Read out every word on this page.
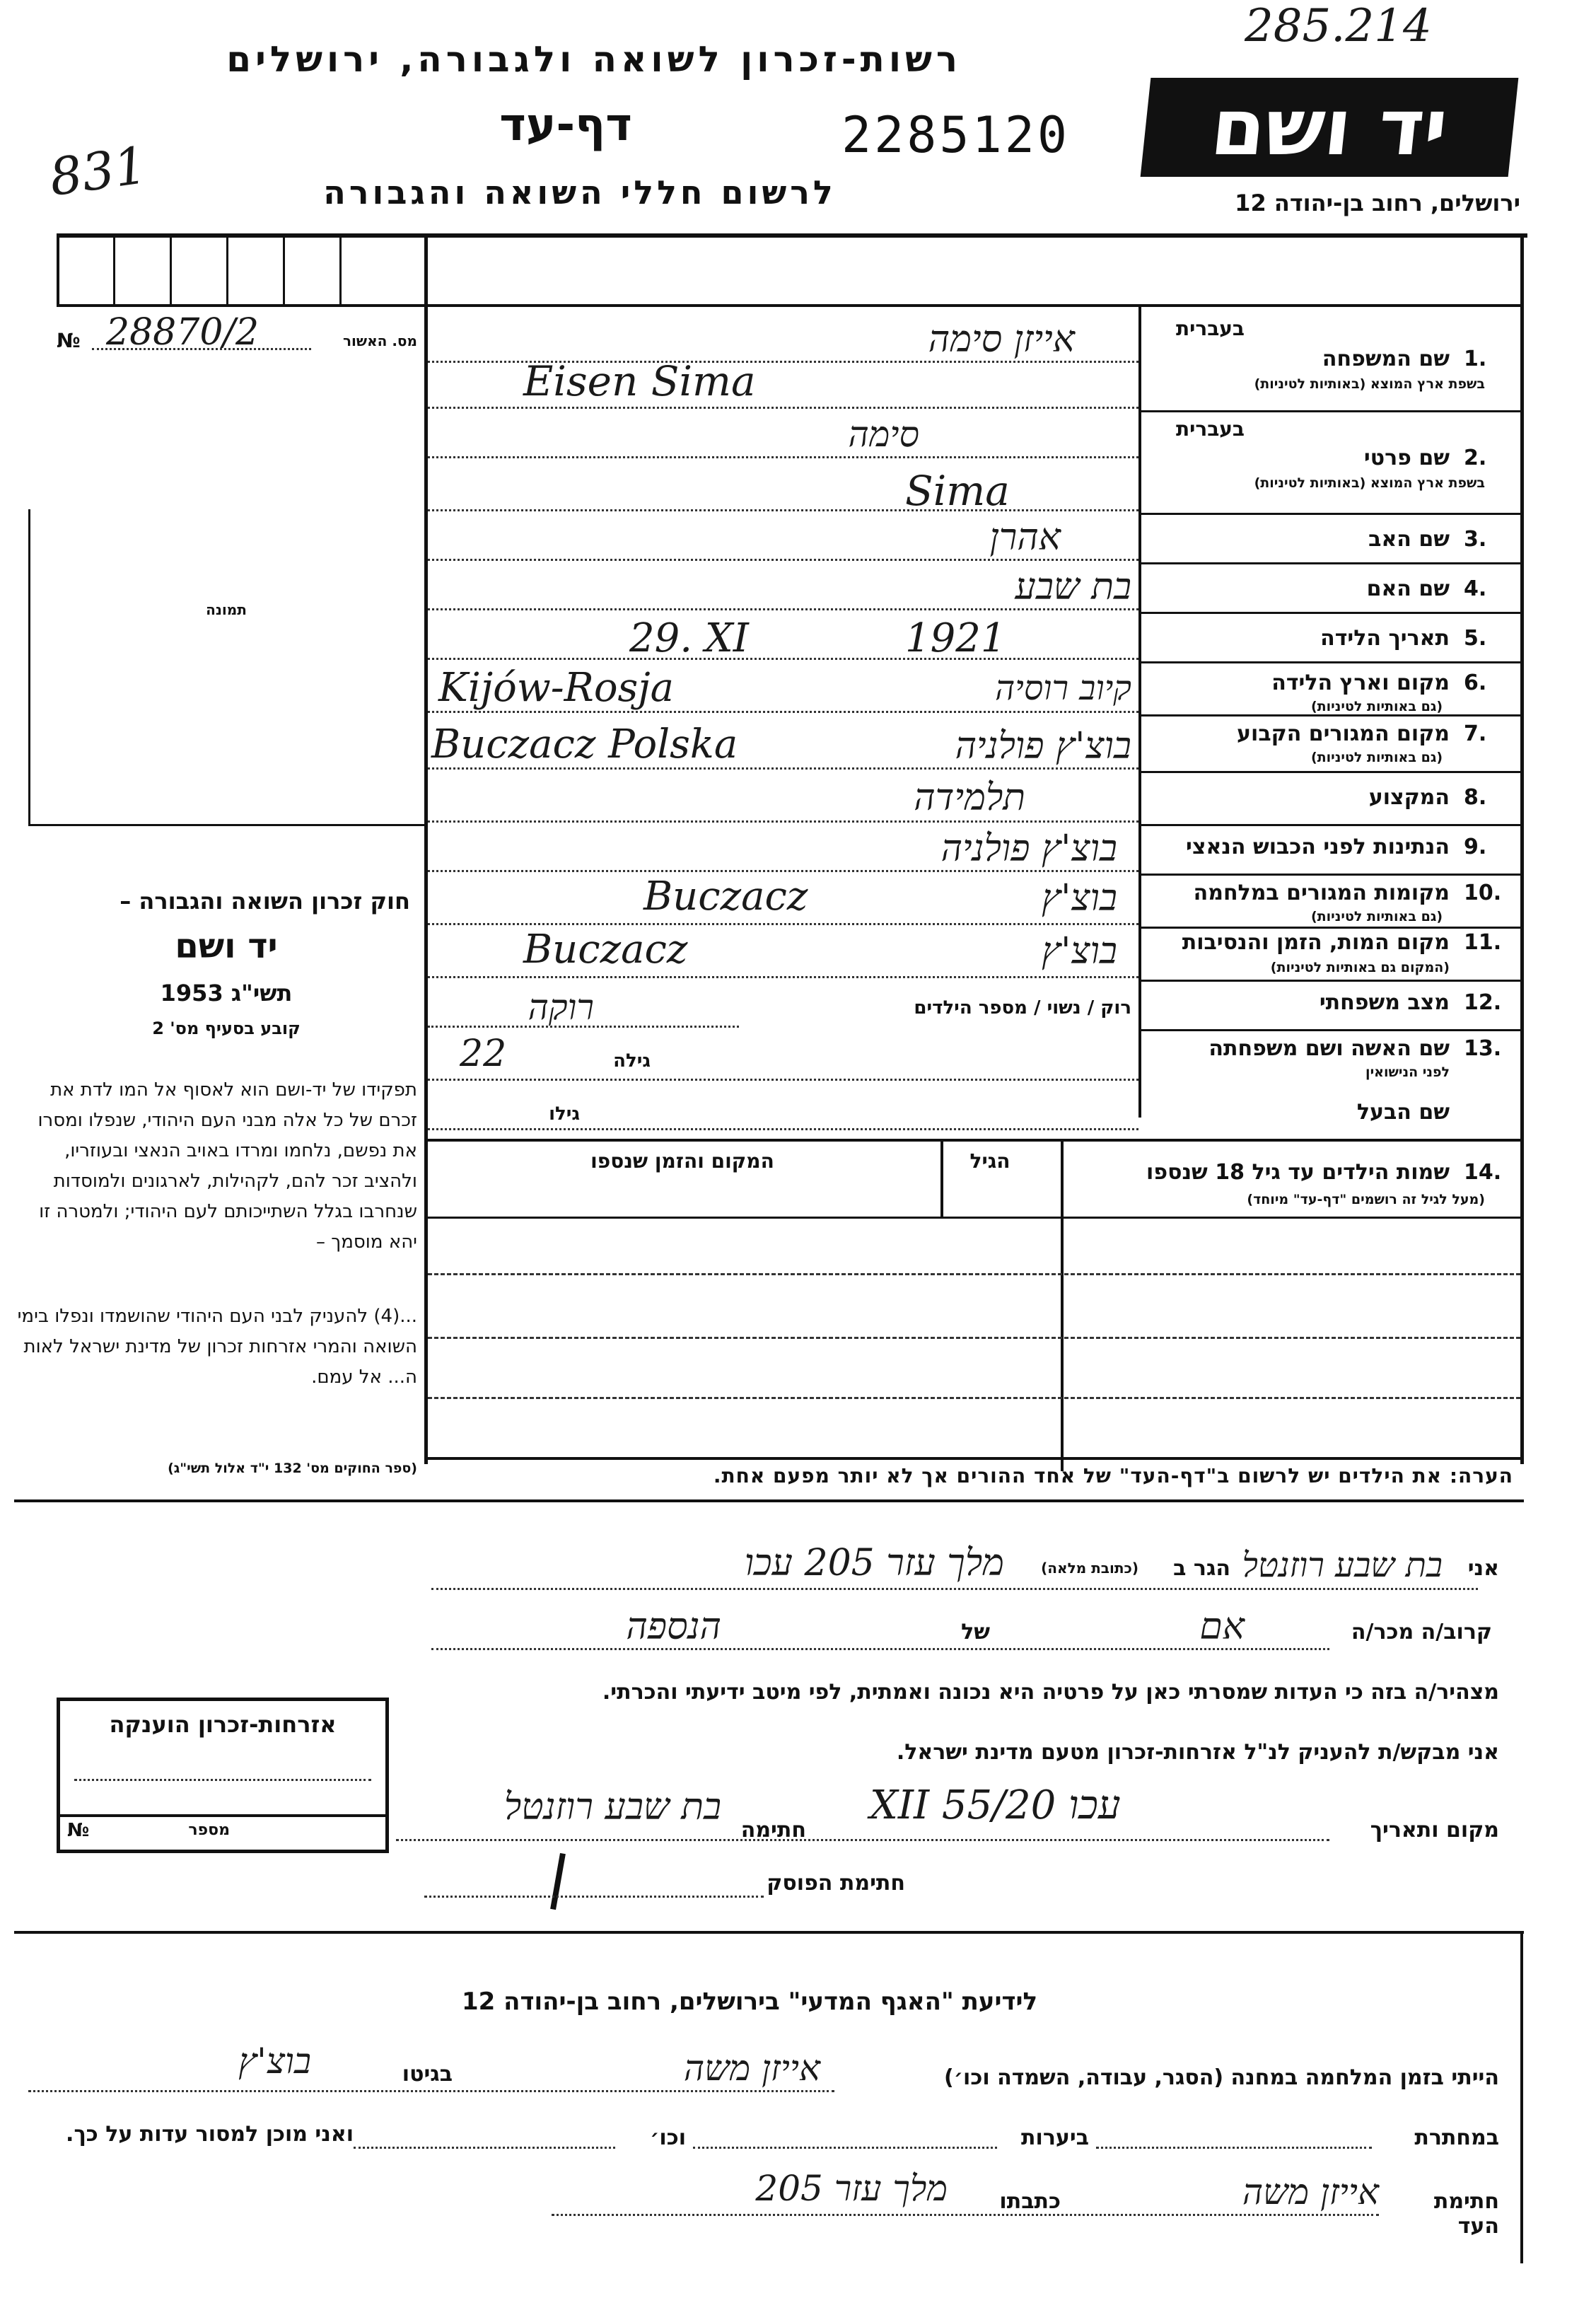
285.214
831
רשות-זכרון לשואה ולגבורה, ירושלים
דף-עד	2285120
לרשום חללי השואה והגבורה
יד ושם
ירושלים, רחוב בן-יהודה 12
№ 28870/2	מס. האשור
תמונה
בעברית
שם המשפחה 1.
בשפת ארץ המוצא (באותיות לטיניות)
אייזן סימה
Eisen Sima
בעברית
שם פרטי 2.
בשפת ארץ המוצא (באותיות לטיניות)
סימה
Sima
שם האב 3.
אהרן
שם האם 4.
בת שבע
תאריך הלידה 5.
29. XI	1921
מקום וארץ הלידה 6.
(גם באותיות לטיניות)
Kijów-Rosja	קיוב רוסיה
מקום המגורים הקבוע 7.
(גם באותיות לטיניות)
Buczacz Polska	בוצ'ץ פולניה
המקצוע 8.
תלמידה
הנתינות לפני הכבוש הנאצי 9.
בוצ'ץ פולניה
מקומות המגורים במלחמה 10.
(גם באותיות לטיניות)
Buczacz	בוצ'ץ
מקום המות, הזמן והנסיבות 11.
(המקום גם באותיות לטיניות)
Buczacz	בוצ'ץ
מצב משפחתי 12.
רוק / נשוי / מספר הילדים
רוקה
שם האשה ושם משפחתה 13.
לפני הנישואין
גילה
22
שם הבעל
גילו
שמות הילדים עד גיל 18 שנספו 14.
(מעל לגיל זה רושמים "דף-עד" מיוחד)
הגיל
המקום והזמן שנספו
חוק זכרון השואה והגבורה –
יד ושם
תשי"ג 1953
קובע בסעיף מס' 2
תפקידו של יד-ושם הוא לאסוף אל המו לדת את זכרם של כל אלה מבני העם היהודי, שנפלו ומסרו את נפשם, נלחמו ומרדו באויב הנאצי ובעוזריו, ולהציב זכר להם, לקהילות, לארגונים ולמוסדות שנחרבו בגלל השתייכותם לעם היהודי; ולמטרה זו יהא מוסמך –
...(4) להעניק לבני העם היהודי שהושמדו ונפלו בימי השואה והמרי אזרחות זכרון של מדינת ישראל לאות ה... אל עמם.
(ספר החוקים מס' 132 י"ד אלול תשי"ג)	הערה: את הילדים יש לרשום ב"דף-העד" של אחד ההורים אך לא יותר מפעם אחת.
אני
בת שבע רוזנטל
הגר ב
(כתובת מלאה)
מלך עזר 205 עכו
קרוב/ה מכר/ה
אם
של
הנספה
מצהיר/ה בזה כי העדות שמסרתי כאן על פרטיה היא נכונה ואמתית, לפי מיטב ידיעתי והכרתי.
אני מבקש/ת להעניק לנ"ל אזרחות-זכרון מטעם מדינת ישראל.
מקום ותאריך
עכו 20/XII 55
חתימה
בת שבע רוזנטל
חתימת הפוסק
אזרחות-זכרון הוענקה
№	מספר
לידיעת "האגף המדעי" בירושלים, רחוב בן-יהודה 12
הייתי בזמן המלחמה במחנה (הסגר, עבודה, השמדה וכו׳)
אייזן משה
בגיטו
בוצ'ץ
במחתרת
ביערות
וכו׳
ואני מוכן למסור עדות על כך.
חתימת העד
אייזן משה
כתבתו
מלך עזר 205
